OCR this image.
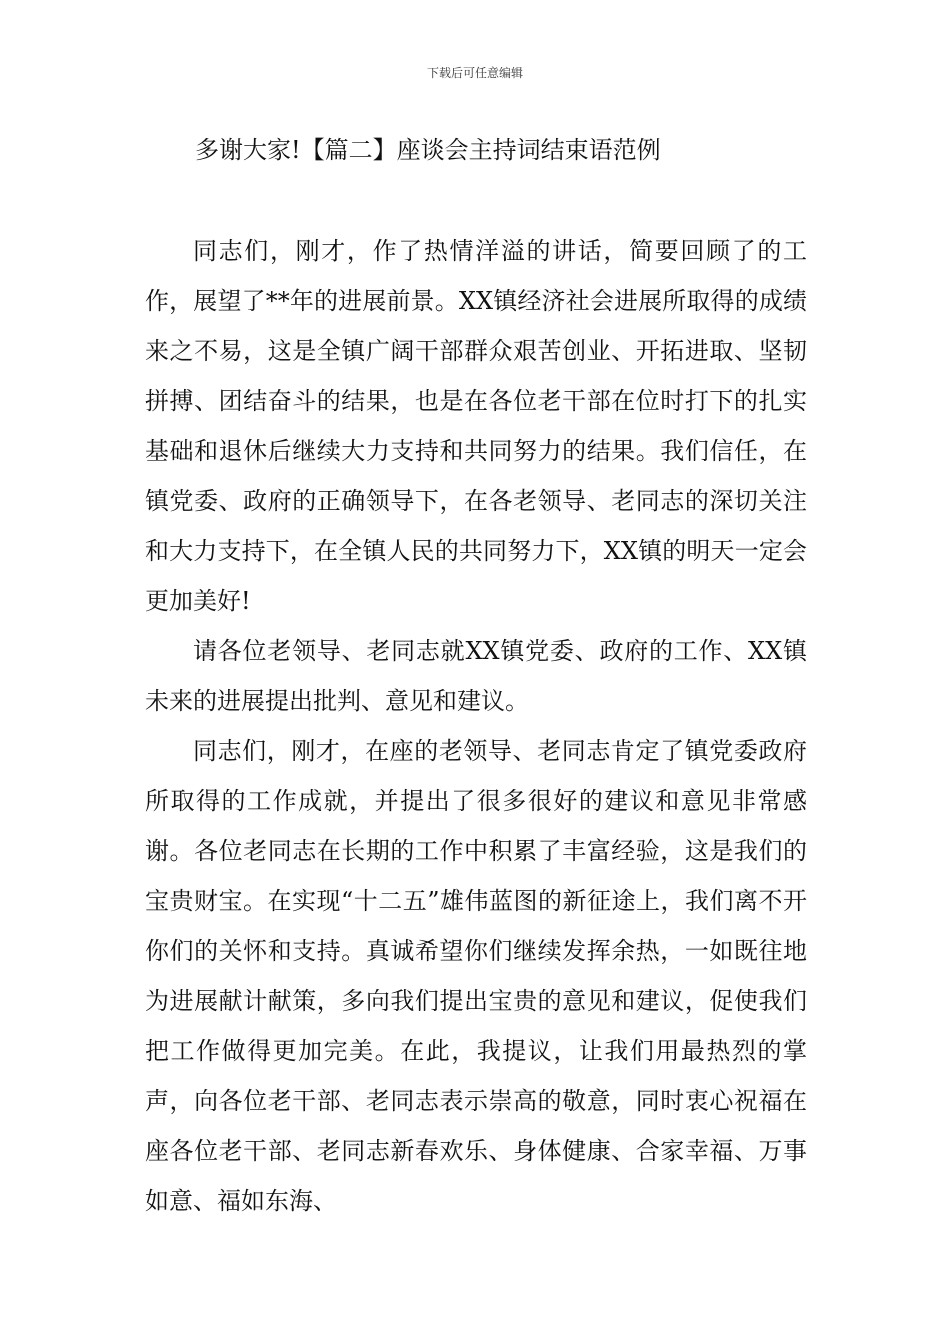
下载后可任意编辑
多谢大家!【篇二】座谈会主持词结束语范例

同志们，刚才，作了热情洋溢的讲话，简要回顾了的工作，展望了**年的进展前景。XX镇经济社会进展所取得的成绩来之不易，这是全镇广阔干部群众艰苦创业、开拓进取、坚韧拼搏、团结奋斗的结果，也是在各位老干部在位时打下的扎实基础和退休后继续大力支持和共同努力的结果。我们信任，在镇党委、政府的正确领导下，在各老领导、老同志的深切关注和大力支持下，在全镇人民的共同努力下，XX镇的明天一定会更加美好!

请各位老领导、老同志就XX镇党委、政府的工作、XX镇未来的进展提出批判、意见和建议。

同志们，刚才，在座的老领导、老同志肯定了镇党委政府所取得的工作成就，并提出了很多很好的建议和意见非常感谢。各位老同志在长期的工作中积累了丰富经验，这是我们的宝贵财宝。在实现“十二五”雄伟蓝图的新征途上，我们离不开你们的关怀和支持。真诚希望你们继续发挥余热，一如既往地为进展献计献策，多向我们提出宝贵的意见和建议，促使我们把工作做得更加完美。在此，我提议，让我们用最热烈的掌声，向各位老干部、老同志表示崇高的敬意，同时衷心祝福在座各位老干部、老同志新春欢乐、身体健康、合家幸福、万事如意、福如东海、
